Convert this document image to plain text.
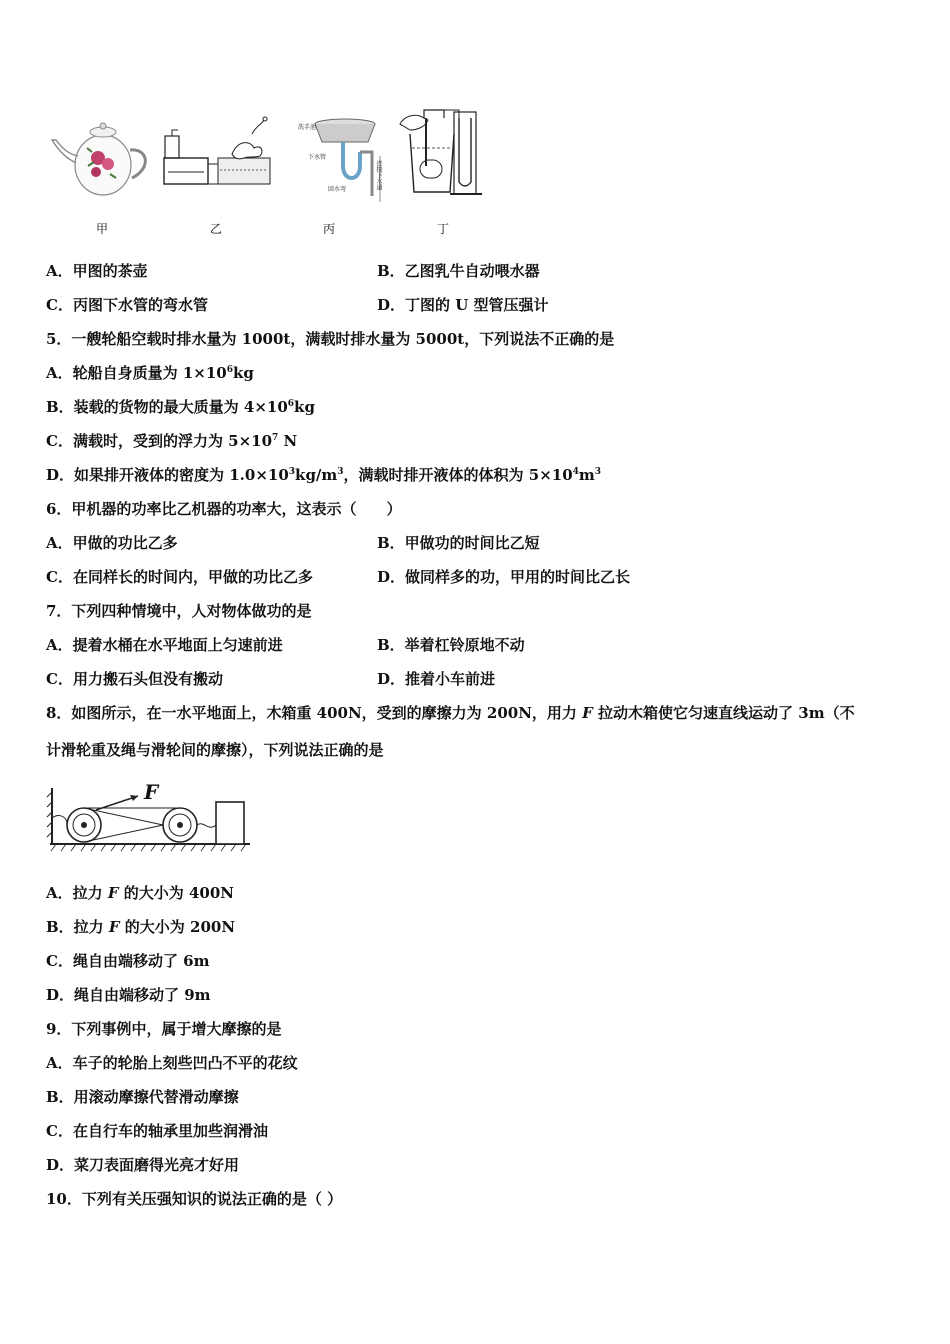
洗手池
下水管
回水弯	连接下水道
甲	乙	丙	丁
A．甲图的茶壶	B．乙图乳牛自动喂水器
C．丙图下水管的弯水管	D．丁图的 U 型管压强计
5．一艘轮船空载时排水量为 1000t，满载时排水量为 5000t，下列说法不正确的是
A．轮船自身质量为 $1\times 10^6kg$
B．装载的货物的最大质量为 $4\times 10^6kg$
C．满载时，受到的浮力为 $5\times 10^7$ N
D．如果排开液体的密度为 $1.0\times 10^3kg/m^3$，满载时排开液体的体积为 $5\times 10^4m^3$
6．甲机器的功率比乙机器的功率大，这表示（　　）
A．甲做的功比乙多	B．甲做功的时间比乙短
C．在同样长的时间内，甲做的功比乙多	D．做同样多的功，甲用的时间比乙长
7．下列四种情境中，人对物体做功的是
A．提着水桶在水平地面上匀速前进	B．举着杠铃原地不动
C．用力搬石头但没有搬动	D．推着小车前进
8．如图所示，在一水平地面上，木箱重 400N，受到的摩擦力为 200N，用力 F 拉动木箱使它匀速直线运动了 3m（不
计滑轮重及绳与滑轮间的摩擦），下列说法正确的是
F
A．拉力 F 的大小为 400N
B．拉力 F 的大小为 200N
C．绳自由端移动了 6m
D．绳自由端移动了 9m
9．下列事例中，属于增大摩擦的是
A．车子的轮胎上刻些凹凸不平的花纹
B．用滚动摩擦代替滑动摩擦
C．在自行车的轴承里加些润滑油
D．菜刀表面磨得光亮才好用
10．下列有关压强知识的说法正确的是（ ）
